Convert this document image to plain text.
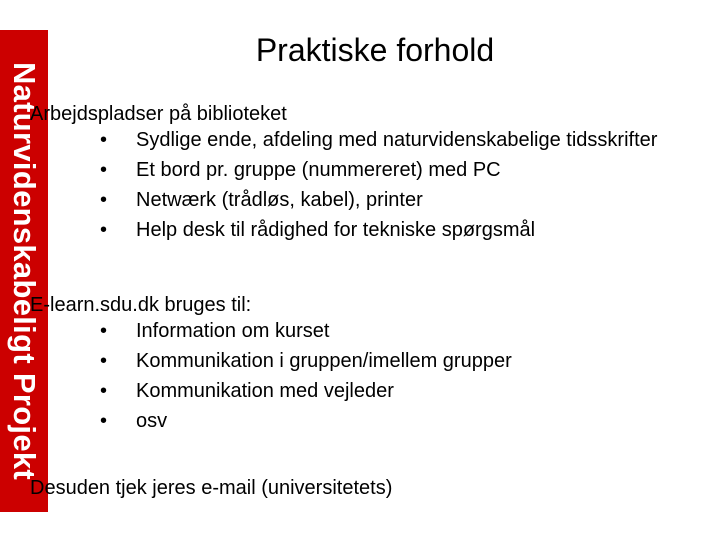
Naturvidenskabeligt Projekt
Praktiske forhold
Arbejdspladser på biblioteket
• Sydlige ende, afdeling med naturvidenskabelige tidsskrifter
• Et bord pr. gruppe (nummereret) med PC
• Netwærk (trådløs, kabel), printer
• Help desk til rådighed for tekniske spørgsmål
E-learn.sdu.dk bruges til:
• Information om kurset
• Kommunikation i gruppen/imellem grupper
• Kommunikation med vejleder
• osv
Desuden tjek jeres e-mail (universitetets)
